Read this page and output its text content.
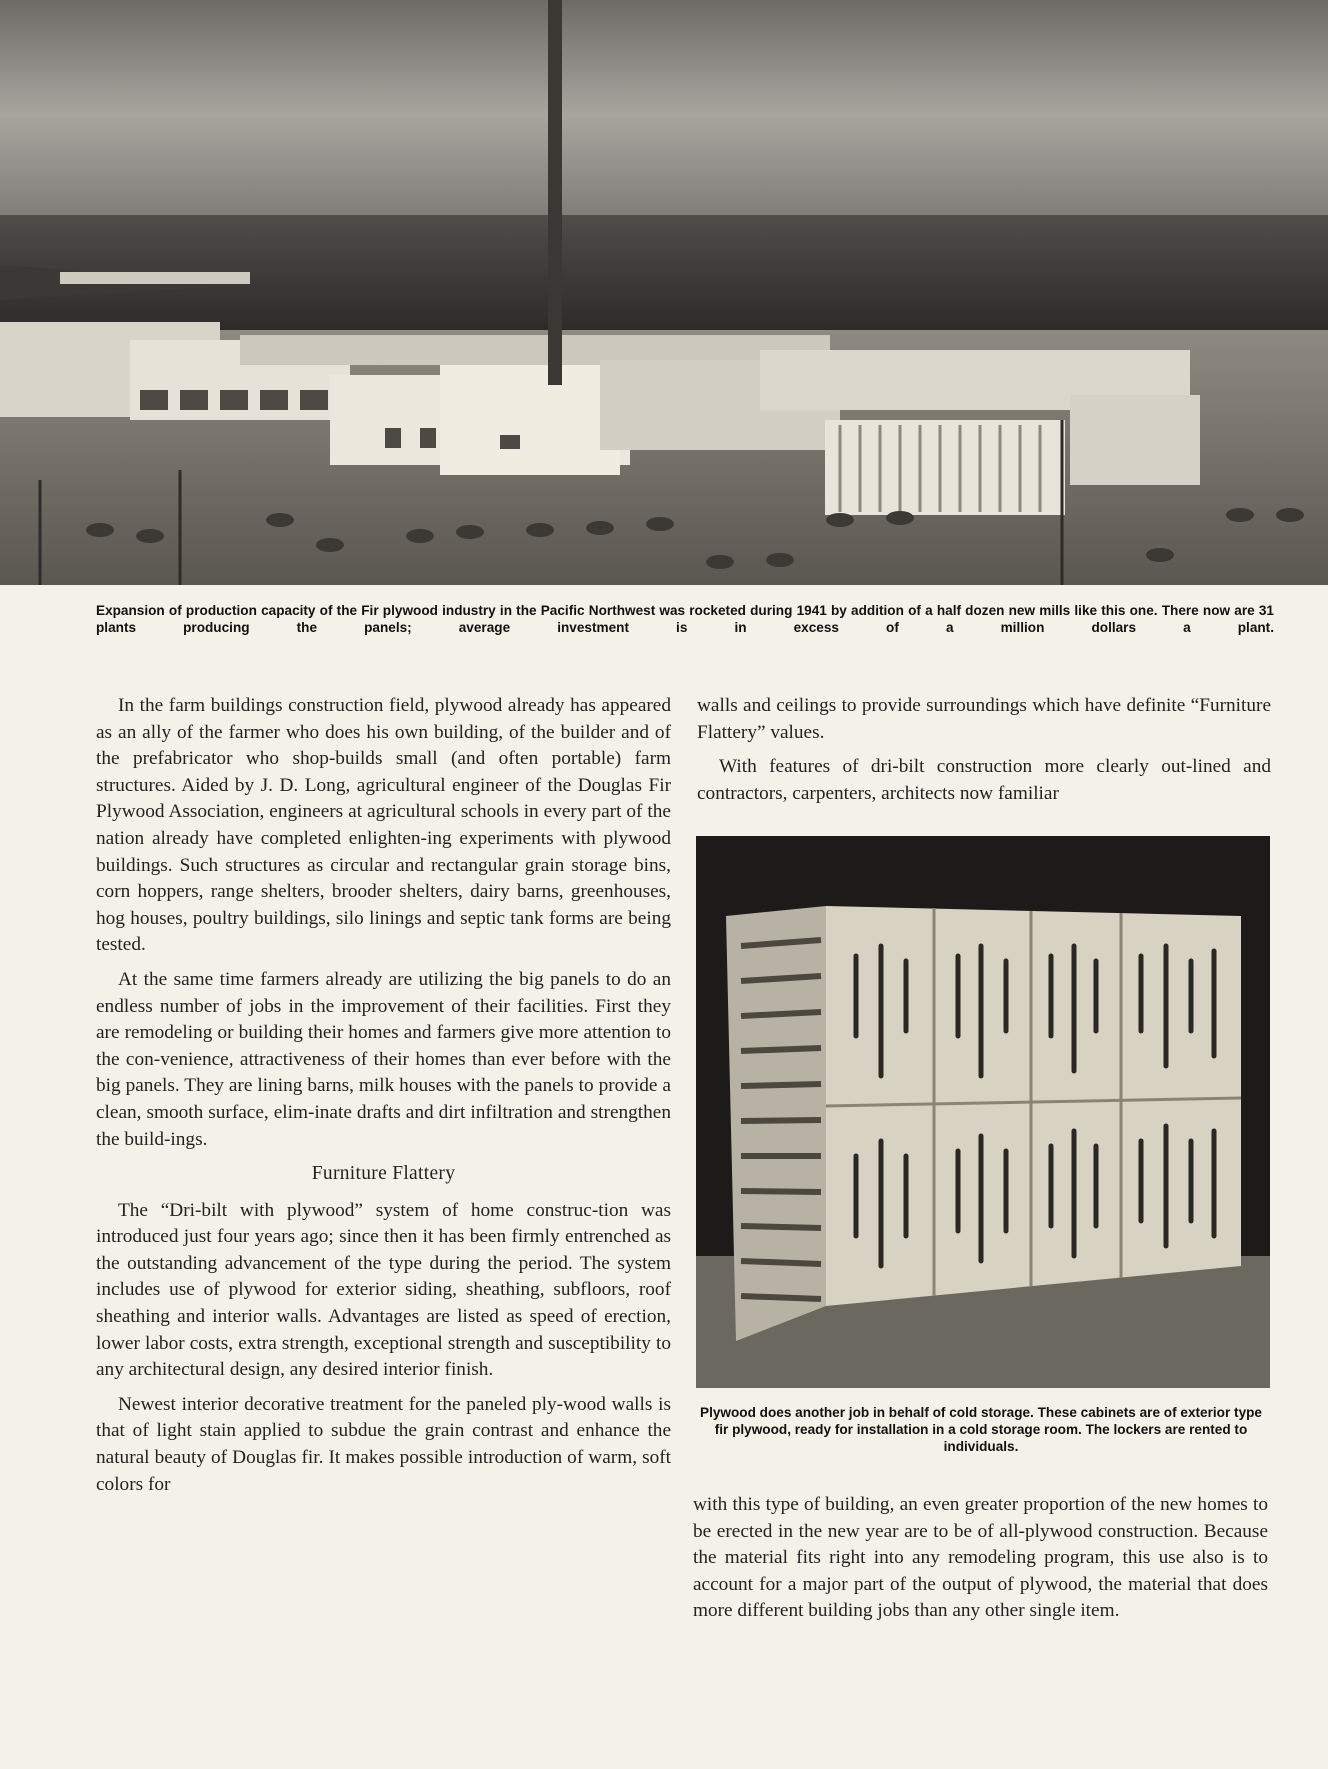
Expansion of production capacity of the Fir plywood industry in the Pacific Northwest was rocketed during 1941 by addition of a half dozen new mills like this one. There now are 31 plants producing the panels; average investment is in excess of a million dollars a plant.

In the farm buildings construction field, plywood already has appeared as an ally of the farmer who does his own building, of the builder and of the prefabricator who shop-builds small (and often portable) farm structures. Aided by J. D. Long, agricultural engineer of the Douglas Fir Plywood Association, engineers at agricultural schools in every part of the nation already have completed enlighten-ing experiments with plywood buildings. Such structures as circular and rectangular grain storage bins, corn hoppers, range shelters, brooder shelters, dairy barns, greenhouses, hog houses, poultry buildings, silo linings and septic tank forms are being tested.

At the same time farmers already are utilizing the big panels to do an endless number of jobs in the improvement of their facilities. First they are remodeling or building their homes and farmers give more attention to the con-venience, attractiveness of their homes than ever before with the big panels. They are lining barns, milk houses with the panels to provide a clean, smooth surface, elim-inate drafts and dirt infiltration and strengthen the build-ings.

Furniture Flattery

The “Dri-bilt with plywood” system of home construc-tion was introduced just four years ago; since then it has been firmly entrenched as the outstanding advancement of the type during the period. The system includes use of plywood for exterior siding, sheathing, subfloors, roof sheathing and interior walls. Advantages are listed as speed of erection, lower labor costs, extra strength, exceptional strength and susceptibility to any architectural design, any desired interior finish.

Newest interior decorative treatment for the paneled ply-wood walls is that of light stain applied to subdue the grain contrast and enhance the natural beauty of Douglas fir. It makes possible introduction of warm, soft colors for

walls and ceilings to provide surroundings which have definite “Furniture Flattery” values.

With features of dri-bilt construction more clearly out-lined and contractors, carpenters, architects now familiar

Plywood does another job in behalf of cold storage. These cabinets are of exterior type fir plywood, ready for installation in a cold storage room. The lockers are rented to individuals.

with this type of building, an even greater proportion of the new homes to be erected in the new year are to be of all-plywood construction. Because the material fits right into any remodeling program, this use also is to account for a major part of the output of plywood, the material that does more different building jobs than any other single item.
